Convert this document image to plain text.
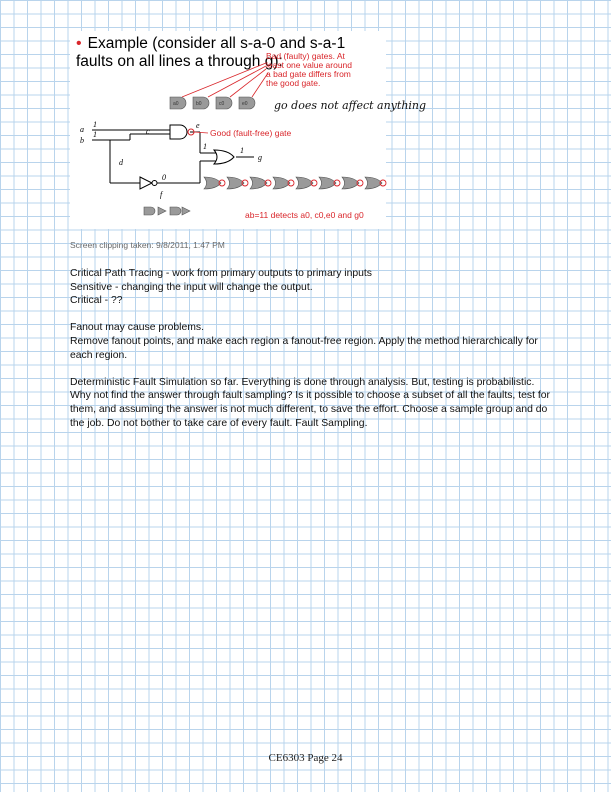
• Example (consider all s-a-0 and s-a-1 faults on all lines a through g):
Bad (faulty) gates. At
least one value around
a bad gate differs from
the good gate.
a0	b0	c0	e0 go does not affect anything
Good (fault-free) gate
a
b
1
1	c
d
e
1
g
1
0
f
ab=11 detects a0, c0,e0 and g0
Screen clipping taken: 9/8/2011, 1:47 PM

Critical Path Tracing - work from primary outputs to primary inputs

Sensitive - changing the input will change the output.

Critical - ??

Fanout may cause problems.

Remove fanout points, and make each region a fanout-free region. Apply the method hierarchically for each region.

Deterministic Fault Simulation so far. Everything is done through analysis. But, testing is probabilistic. Why not find the answer through fault sampling? Is it possible to choose a subset of all the faults, test for them, and assuming the answer is not much different, to save the effort. Choose a sample group and do the job. Do not bother to take care of every fault. Fault Sampling.

CE6303 Page 24
